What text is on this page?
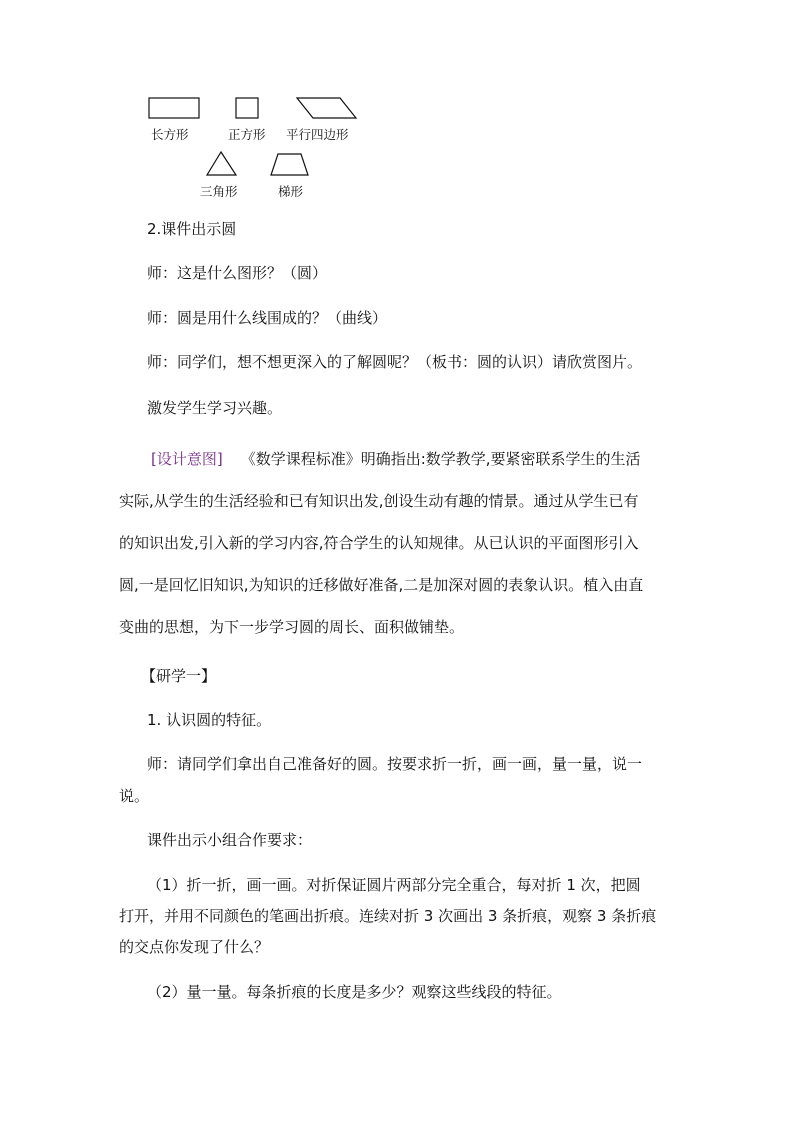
长方形	正方形 平行四边形
三角形	梯形
2.课件出示圆
师：这是什么图形？（圆）
师：圆是用什么线围成的？（曲线）
师：同学们，想不想更深入的了解圆呢？（板书：圆的认识）请欣赏图片。
激发学生学习兴趣。
[设计意图] 《数学课程标准》明确指出:数学教学,要紧密联系学生的生活
实际,从学生的生活经验和已有知识出发,创设生动有趣的情景。通过从学生已有
的知识出发,引入新的学习内容,符合学生的认知规律。从已认识的平面图形引入
圆,一是回忆旧知识,为知识的迁移做好准备,二是加深对圆的表象认识。植入由直
变曲的思想，为下一步学习圆的周长、面积做铺垫。
【研学一】
1. 认识圆的特征。
师：请同学们拿出自己准备好的圆。按要求折一折，画一画，量一量，说一
说。
课件出示小组合作要求：
（1）折一折，画一画。对折保证圆片两部分完全重合，每对折 1 次，把圆
打开，并用不同颜色的笔画出折痕。连续对折 3 次画出 3 条折痕，观察 3 条折痕
的交点你发现了什么？
（2）量一量。每条折痕的长度是多少？观察这些线段的特征。
